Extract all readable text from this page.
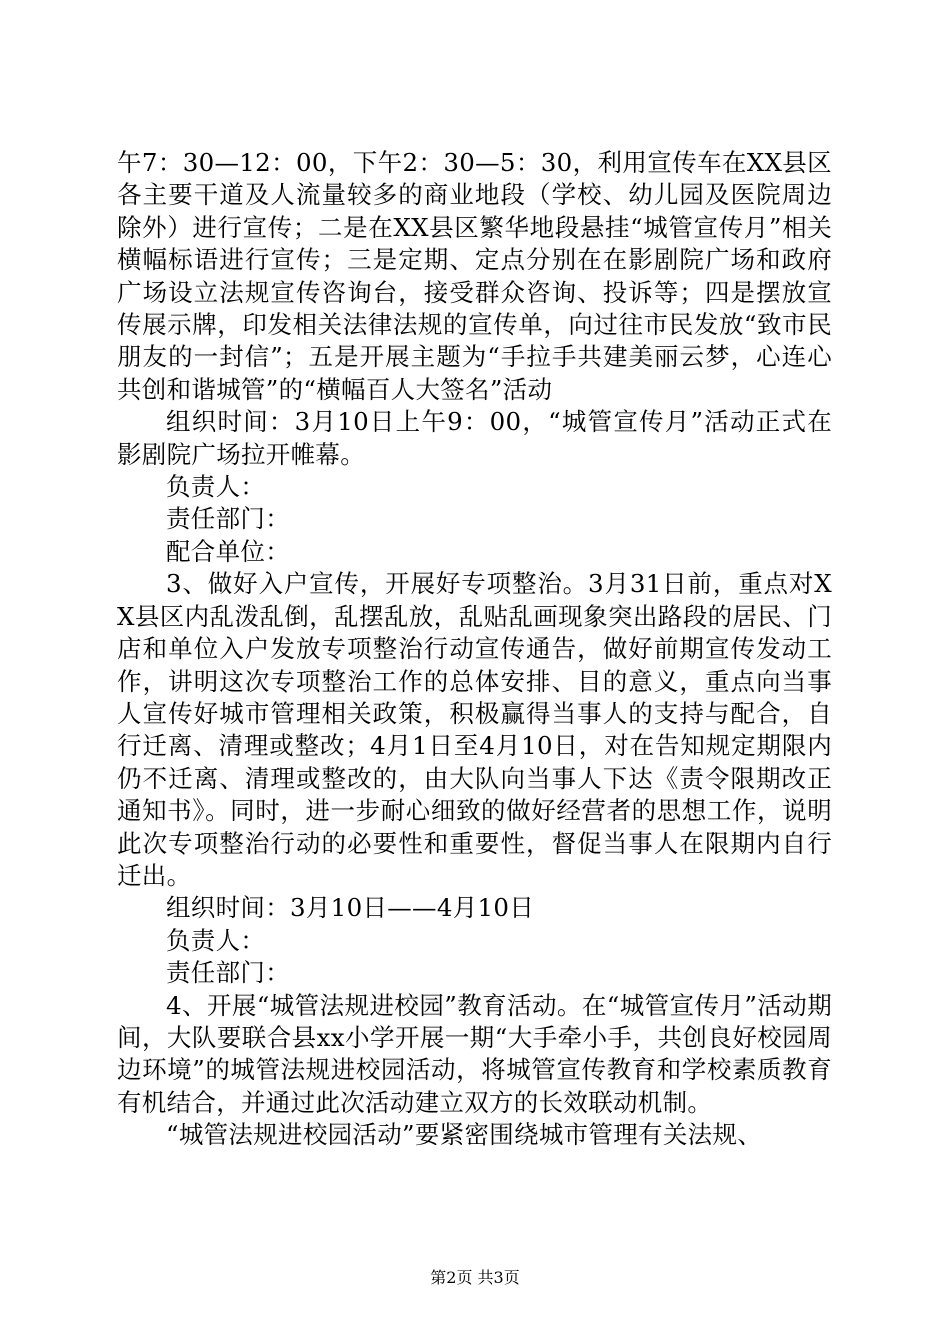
午7：30—12：00，下午2：30—5：30，利用宣传车在XX县区各主要干道及人流量较多的商业地段（学校、幼儿园及医院周边除外）进行宣传；二是在XX县区繁华地段悬挂“城管宣传月”相关横幅标语进行宣传；三是定期、定点分别在在影剧院广场和政府广场设立法规宣传咨询台，接受群众咨询、投诉等；四是摆放宣传展示牌，印发相关法律法规的宣传单，向过往市民发放“致市民朋友的一封信”；五是开展主题为“手拉手共建美丽云梦，心连心共创和谐城管”的“横幅百人大签名”活动

组织时间：3月10日上午9：00，“城管宣传月”活动正式在影剧院广场拉开帷幕。

负责人：

责任部门：

配合单位：

3、做好入户宣传，开展好专项整治。3月31日前，重点对XX县区内乱泼乱倒，乱摆乱放，乱贴乱画现象突出路段的居民、门店和单位入户发放专项整治行动宣传通告，做好前期宣传发动工作，讲明这次专项整治工作的总体安排、目的意义，重点向当事人宣传好城市管理相关政策，积极赢得当事人的支持与配合，自行迁离、清理或整改；4月1日至4月10日，对在告知规定期限内仍不迁离、清理或整改的，由大队向当事人下达《责令限期改正通知书》。同时，进一步耐心细致的做好经营者的思想工作，说明此次专项整治行动的必要性和重要性，督促当事人在限期内自行迁出。

组织时间：3月10日——4月10日

负责人：

责任部门：

4、开展“城管法规进校园”教育活动。在“城管宣传月”活动期间，大队要联合县xx小学开展一期“大手牵小手，共创良好校园周边环境”的城管法规进校园活动，将城管宣传教育和学校素质教育有机结合，并通过此次活动建立双方的长效联动机制。

“城管法规进校园活动”要紧密围绕城市管理有关法规、

第2页 共3页
